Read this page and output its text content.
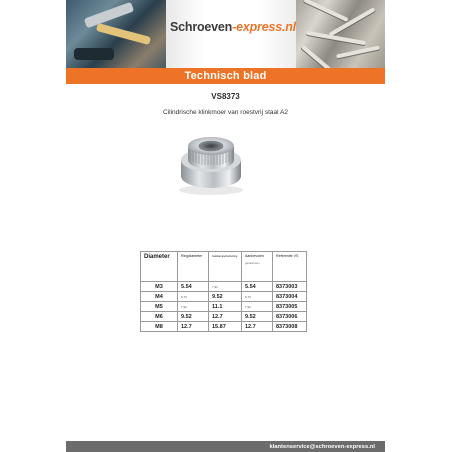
Schroeven-express.nl
Technisch blad
VS8373
Cilindrische klinkmoer van roestvrij staal A2
Diameter	Ringdiameter	Gatdiameterbehuizing	Aanbevolen
gatdiameter	Referentie VS
M3	5.54	7,91	5.54	8373003
M4	6.73	9.52	6.73	8373004
M5	7,92	11.1	7,92	8373005
M6	9.52	12.7	9.52	8373006
M8	12.7	15.87	12.7	8373008
klantenservice@schroeven-express.nl
